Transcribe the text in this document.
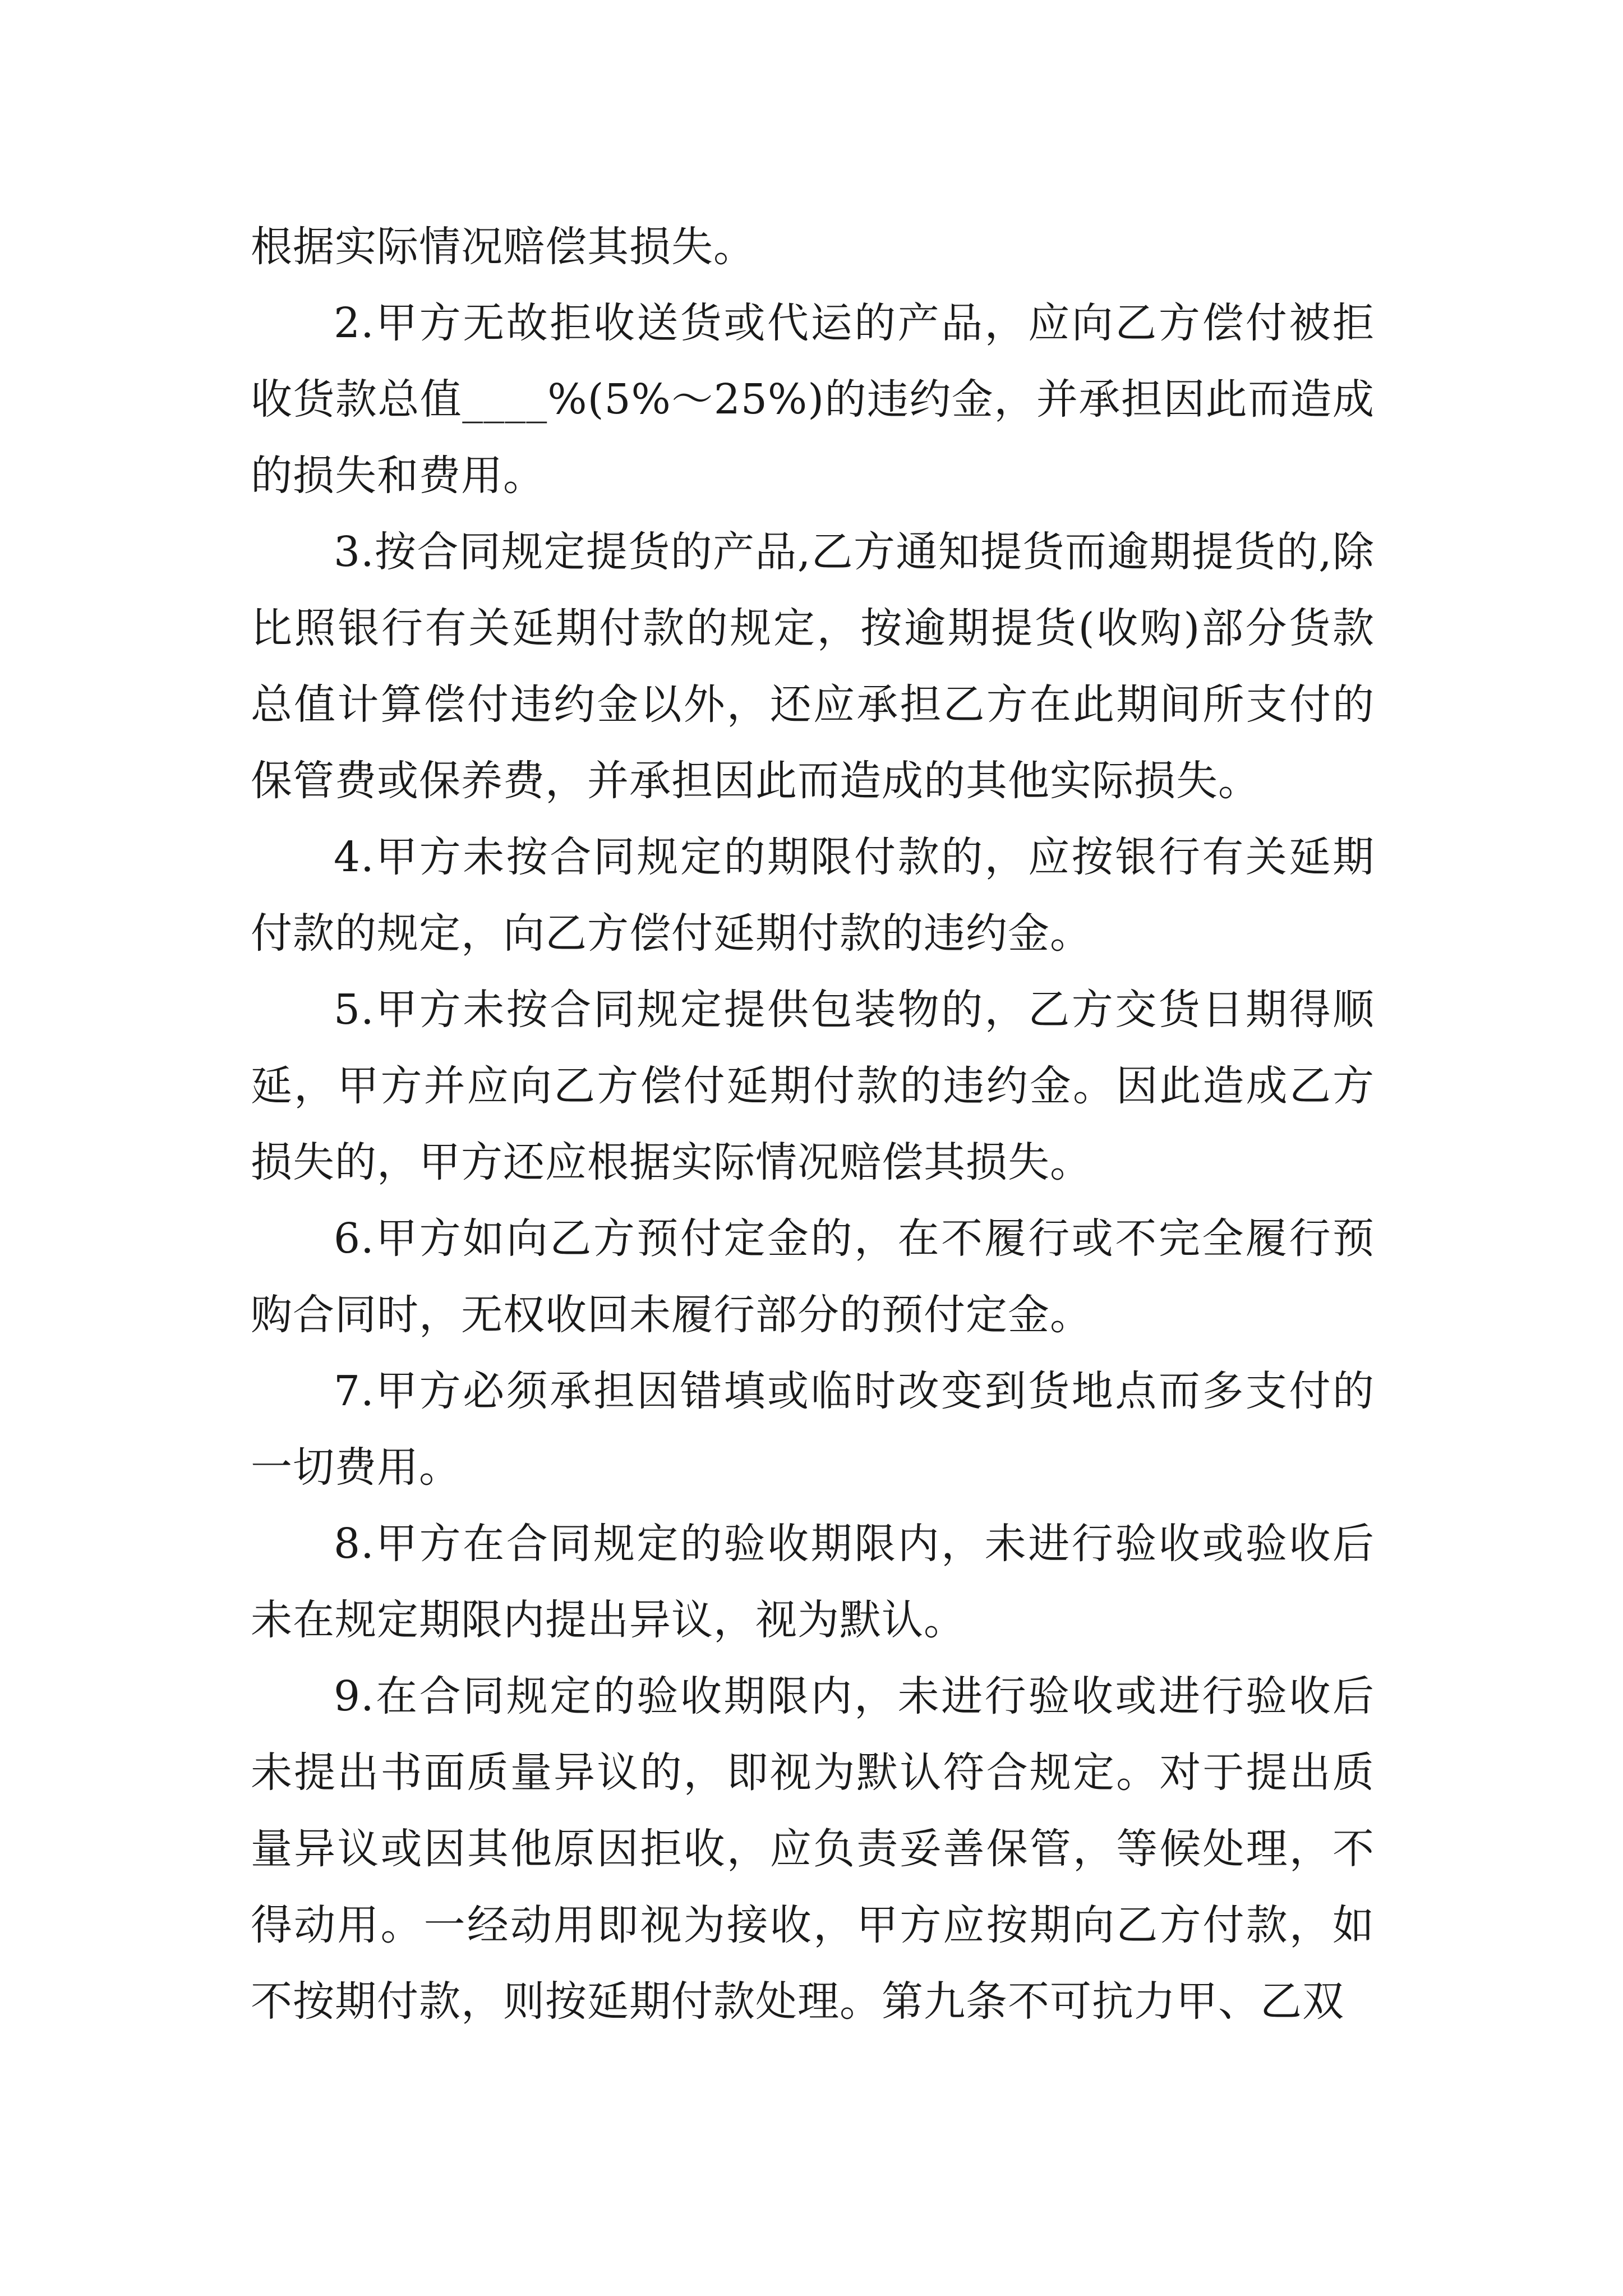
根据实际情况赔偿其损失。

2.甲方无故拒收送货或代运的产品，应向乙方偿付被拒收货款总值____%(5%～25%)的违约金，并承担因此而造成的损失和费用。

3.按合同规定提货的产品,乙方通知提货而逾期提货的,除比照银行有关延期付款的规定，按逾期提货(收购)部分货款总值计算偿付违约金以外，还应承担乙方在此期间所支付的保管费或保养费，并承担因此而造成的其他实际损失。

4.甲方未按合同规定的期限付款的，应按银行有关延期付款的规定，向乙方偿付延期付款的违约金。

5.甲方未按合同规定提供包装物的，乙方交货日期得顺延，甲方并应向乙方偿付延期付款的违约金。因此造成乙方损失的，甲方还应根据实际情况赔偿其损失。

6.甲方如向乙方预付定金的，在不履行或不完全履行预购合同时，无权收回未履行部分的预付定金。

7.甲方必须承担因错填或临时改变到货地点而多支付的一切费用。

8.甲方在合同规定的验收期限内，未进行验收或验收后未在规定期限内提出异议，视为默认。

9.在合同规定的验收期限内，未进行验收或进行验收后未提出书面质量异议的，即视为默认符合规定。对于提出质量异议或因其他原因拒收，应负责妥善保管，等候处理，不得动用。一经动用即视为接收，甲方应按期向乙方付款，如不按期付款，则按延期付款处理。第九条不可抗力甲、乙双
